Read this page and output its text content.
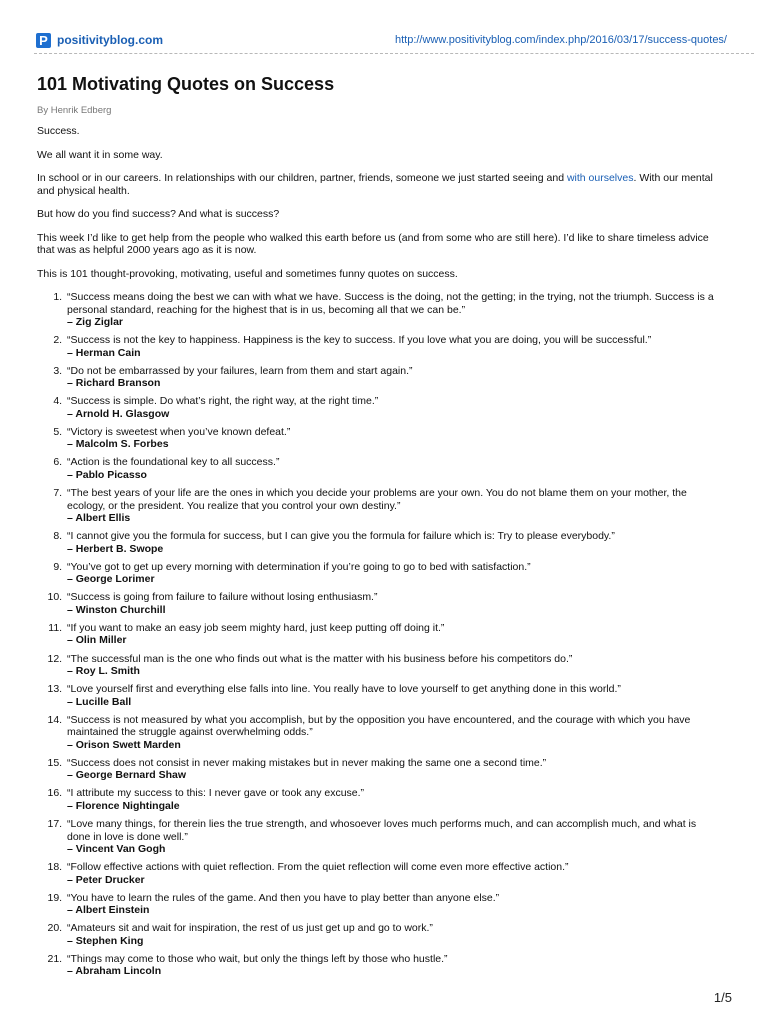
P positivityblog.com	http://www.positivityblog.com/index.php/2016/03/17/success-quotes/
101 Motivating Quotes on Success
By Henrik Edberg

Success.

We all want it in some way.

In school or in our careers. In relationships with our children, partner, friends, someone we just started seeing and with ourselves. With our mental and physical health.

But how do you find success? And what is success?

This week I’d like to get help from the people who walked this earth before us (and from some who are still here). I’d like to share timeless advice that was as helpful 2000 years ago as it is now.

This is 101 thought-provoking, motivating, useful and sometimes funny quotes on success.

1. “Success means doing the best we can with what we have. Success is the doing, not the getting; in the trying, not the triumph. Success is a personal standard, reaching for the highest that is in us, becoming all that we can be.”
– Zig Ziglar
2. “Success is not the key to happiness. Happiness is the key to success. If you love what you are doing, you will be successful.”
– Herman Cain
3. “Do not be embarrassed by your failures, learn from them and start again.”
– Richard Branson
4. “Success is simple. Do what’s right, the right way, at the right time.”
– Arnold H. Glasgow
5. “Victory is sweetest when you’ve known defeat.”
– Malcolm S. Forbes
6. “Action is the foundational key to all success.”
– Pablo Picasso
7. “The best years of your life are the ones in which you decide your problems are your own. You do not blame them on your mother, the ecology, or the president. You realize that you control your own destiny.”
– Albert Ellis
8. “I cannot give you the formula for success, but I can give you the formula for failure which is: Try to please everybody.”
– Herbert B. Swope
9. “You’ve got to get up every morning with determination if you’re going to go to bed with satisfaction.”
– George Lorimer
10. “Success is going from failure to failure without losing enthusiasm.”
– Winston Churchill
11. “If you want to make an easy job seem mighty hard, just keep putting off doing it.”
– Olin Miller
12. “The successful man is the one who finds out what is the matter with his business before his competitors do.”
– Roy L. Smith
13. “Love yourself first and everything else falls into line. You really have to love yourself to get anything done in this world.”
– Lucille Ball
14. “Success is not measured by what you accomplish, but by the opposition you have encountered, and the courage with which you have maintained the struggle against overwhelming odds.”
– Orison Swett Marden
15. “Success does not consist in never making mistakes but in never making the same one a second time.”
– George Bernard Shaw
16. “I attribute my success to this: I never gave or took any excuse.”
– Florence Nightingale
17. “Love many things, for therein lies the true strength, and whosoever loves much performs much, and can accomplish much, and what is done in love is done well.”
– Vincent Van Gogh
18. “Follow effective actions with quiet reflection. From the quiet reflection will come even more effective action.”
– Peter Drucker
19. “You have to learn the rules of the game. And then you have to play better than anyone else.”
– Albert Einstein
20. “Amateurs sit and wait for inspiration, the rest of us just get up and go to work.”
– Stephen King
21. “Things may come to those who wait, but only the things left by those who hustle.”
– Abraham Lincoln
1/5
